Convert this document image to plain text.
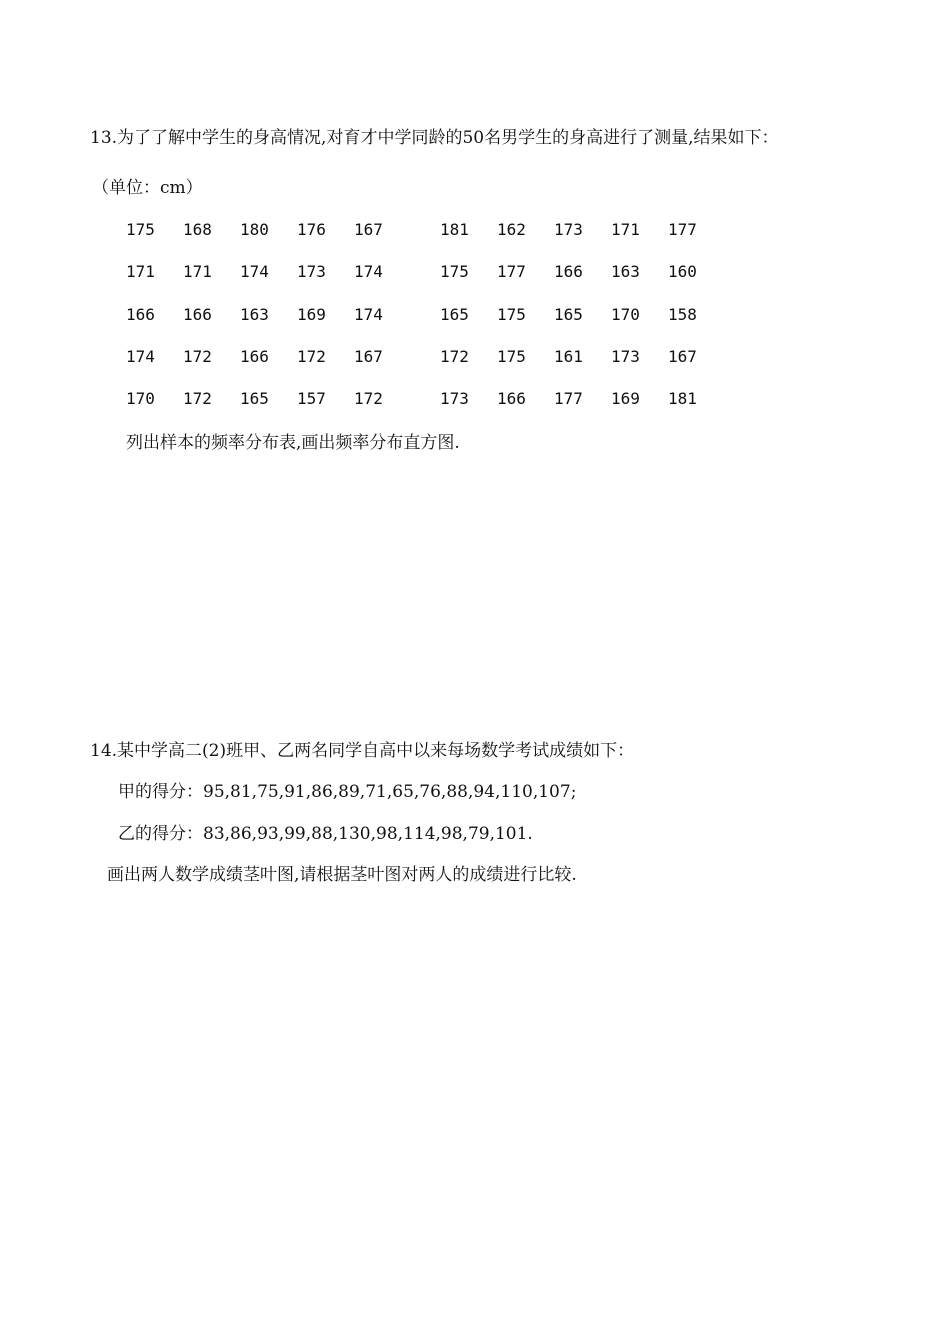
13.为了了解中学生的身高情况,对育才中学同龄的50名男学生的身高进行了测量,结果如下：
（单位：cm）
175	168	180	176	167	181	162	173	171	177
171	171	174	173	174	175	177	166	163	160
166	166	163	169	174	165	175	165	170	158
174	172	166	172	167	172	175	161	173	167
170	172	165	157	172	173	166	177	169	181
列出样本的频率分布表,画出频率分布直方图.
14.某中学高二(2)班甲、乙两名同学自高中以来每场数学考试成绩如下：
甲的得分：95,81,75,91,86,89,71,65,76,88,94,110,107;
乙的得分：83,86,93,99,88,130,98,114,98,79,101.
画出两人数学成绩茎叶图,请根据茎叶图对两人的成绩进行比较.
